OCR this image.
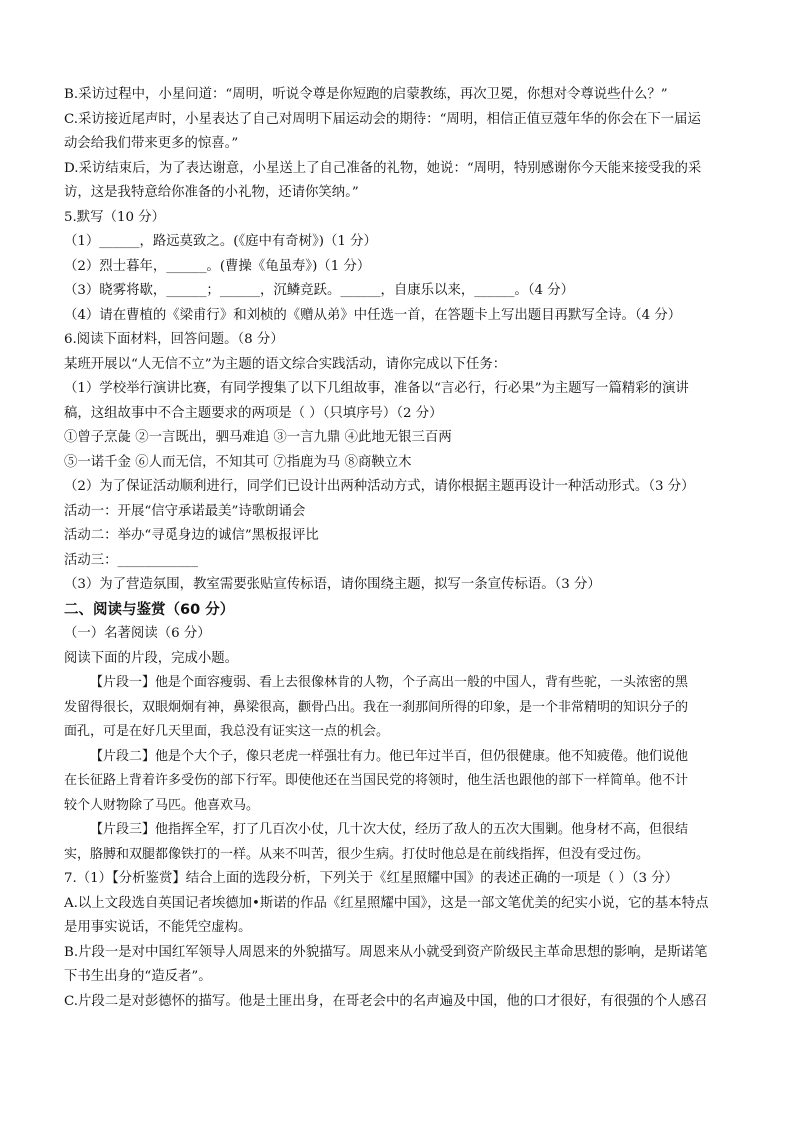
B.采访过程中，小星问道：“周明，听说令尊是你短跑的启蒙教练，再次卫冕，你想对令尊说些什么？”

C.采访接近尾声时，小星表达了自己对周明下届运动会的期待：“周明，相信正值豆蔻年华的你会在下一届运

动会给我们带来更多的惊喜。”

D.采访结束后，为了表达谢意，小星送上了自己准备的礼物，她说：“周明，特别感谢你今天能来接受我的采

访，这是我特意给你准备的小礼物，还请你笑纳。”

5.默写（10 分）

（1）______，路远莫致之。(《庭中有奇树》)（1 分）

（2）烈士暮年，______。(曹操《龟虽寿》)（1 分）

（3）晓雾将歇，______；______，沉鳞竞跃。______，自康乐以来，______。（4 分）

（4）请在曹植的《梁甫行》和刘桢的《赠从弟》中任选一首，在答题卡上写出题目再默写全诗。（4 分）

6.阅读下面材料，回答问题。（8 分）

某班开展以“人无信不立”为主题的语文综合实践活动，请你完成以下任务：

（1）学校举行演讲比赛，有同学搜集了以下几组故事，准备以“言必行，行必果”为主题写一篇精彩的演讲

稿，这组故事中不合主题要求的两项是（ ）（只填序号）（2 分）

①曾子烹彘 ②一言既出，驷马难追 ③一言九鼎 ④此地无银三百两

⑤一诺千金 ⑥人而无信，不知其可 ⑦指鹿为马 ⑧商鞅立木

（2）为了保证活动顺利进行，同学们已设计出两种活动方式，请你根据主题再设计一种活动形式。（3 分）

活动一：开展“信守承诺最美”诗歌朗诵会

活动二：举办“寻觅身边的诚信”黑板报评比

活动三：____________

（3）为了营造氛围，教室需要张贴宣传标语，请你围绕主题，拟写一条宣传标语。（3 分）

二、阅读与鉴赏（60 分）

（一）名著阅读（6 分）

阅读下面的片段，完成小题。

【片段一】他是个面容瘦弱、看上去很像林肯的人物，个子高出一般的中国人，背有些驼，一头浓密的黑

发留得很长，双眼炯炯有神，鼻梁很高，颧骨凸出。我在一刹那间所得的印象，是一个非常精明的知识分子的

面孔，可是在好几天里面，我总没有证实这一点的机会。

【片段二】他是个大个子，像只老虎一样强壮有力。他已年过半百，但仍很健康。他不知疲倦。他们说他

在长征路上背着许多受伤的部下行军。即使他还在当国民党的将领时，他生活也跟他的部下一样简单。他不计

较个人财物除了马匹。他喜欢马。

【片段三】他指挥全军，打了几百次小仗，几十次大仗，经历了敌人的五次大围剿。他身材不高，但很结

实，胳膊和双腿都像铁打的一样。从来不叫苦，很少生病。打仗时他总是在前线指挥，但没有受过伤。

7.（1）【分析鉴赏】结合上面的选段分析，下列关于《红星照耀中国》的表述正确的一项是（ ）（3 分）

A.以上文段选自英国记者埃德加•斯诺的作品《红星照耀中国》，这是一部文笔优美的纪实小说，它的基本特点

是用事实说话，不能凭空虚构。

B.片段一是对中国红军领导人周恩来的外貌描写。周恩来从小就受到资产阶级民主革命思想的影响，是斯诺笔

下书生出身的“造反者”。

C.片段二是对彭德怀的描写。他是土匪出身，在哥老会中的名声遍及中国，他的口才很好，有很强的个人感召
